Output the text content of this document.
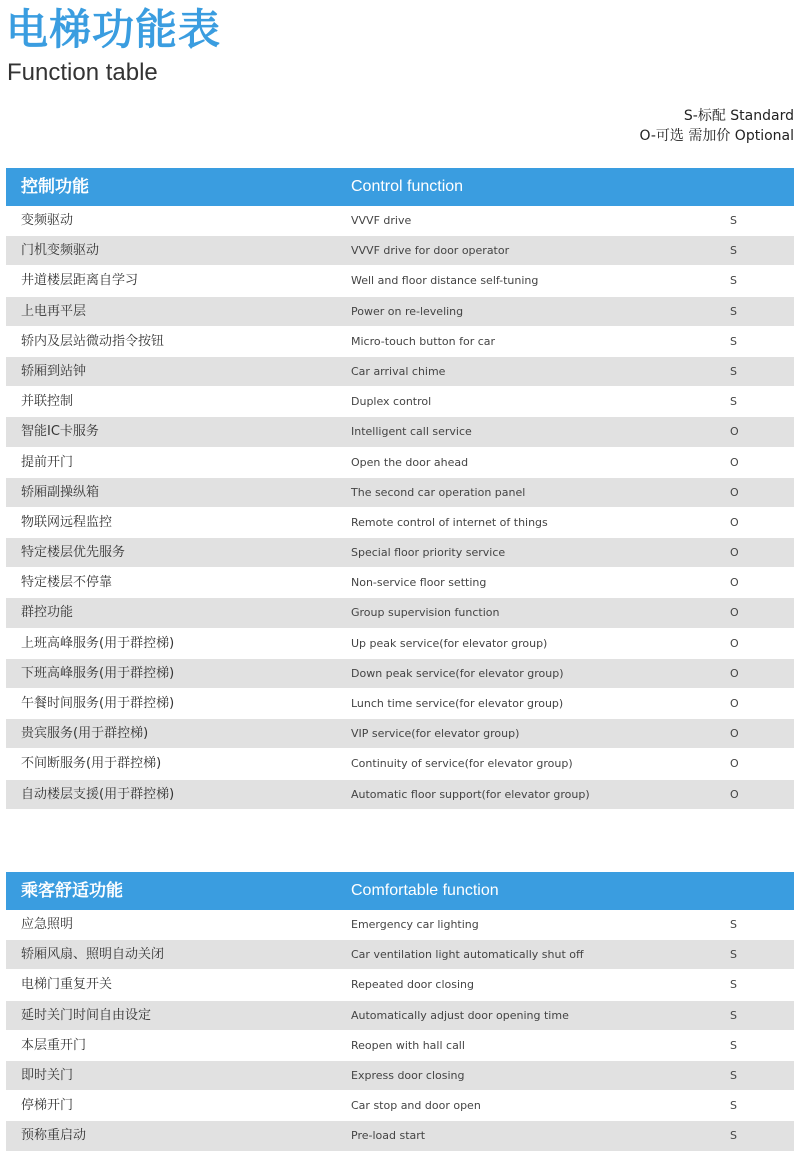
电梯功能表
Function table
S-标配 Standard
O-可选 需加价 Optional
控制功能	Control function
变频驱动	VVVF drive	S
门机变频驱动	VVVF drive for door operator	S
井道楼层距离自学习	Well and floor distance self-tuning	S
上电再平层	Power on re-leveling	S
轿内及层站微动指令按钮	Micro-touch button for car	S
轿厢到站钟	Car arrival chime	S
并联控制	Duplex control	S
智能IC卡服务	Intelligent call service	O
提前开门	Open the door ahead	O
轿厢副操纵箱	The second car operation panel	O
物联网远程监控	Remote control of internet of things	O
特定楼层优先服务	Special floor priority service	O
特定楼层不停靠	Non-service floor setting	O
群控功能	Group supervision function	O
上班高峰服务(用于群控梯)	Up peak service(for elevator group)	O
下班高峰服务(用于群控梯)	Down peak service(for elevator group)	O
午餐时间服务(用于群控梯)	Lunch time service(for elevator group)	O
贵宾服务(用于群控梯)	VIP service(for elevator group)	O
不间断服务(用于群控梯)	Continuity of service(for elevator group)	O
自动楼层支援(用于群控梯)	Automatic floor support(for elevator group)	O
乘客舒适功能	Comfortable function
应急照明	Emergency car lighting	S
轿厢风扇、照明自动关闭	Car ventilation light automatically shut off	S
电梯门重复开关	Repeated door closing	S
延时关门时间自由设定	Automatically adjust door opening time	S
本层重开门	Reopen with hall call	S
即时关门	Express door closing	S
停梯开门	Car stop and door open	S
预称重启动	Pre-load start	S
